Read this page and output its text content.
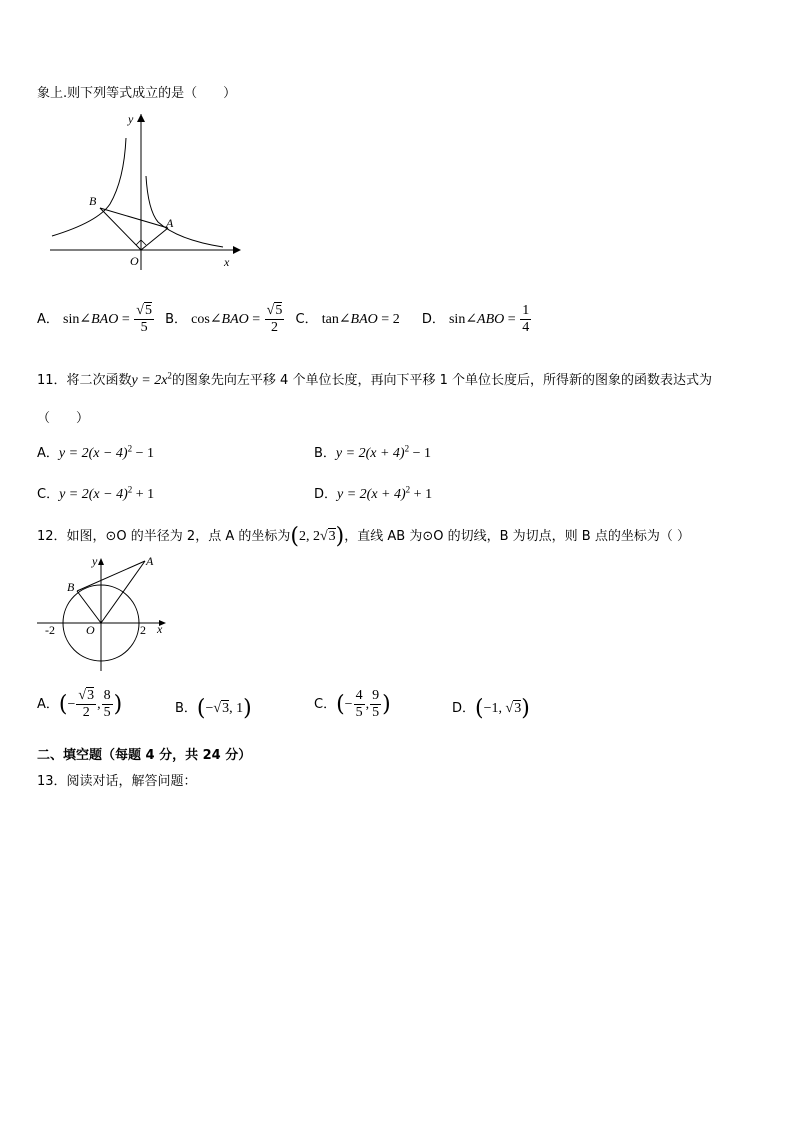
象上.则下列等式成立的是（　　）
y
x
O
A
B
A． sin∠BAO = $\frac{√5}{5}$ B． cos∠BAO = $\frac{√5}{2}$ C． tan∠BAO = 2 D． sin∠ABO = $\frac{1}{4}$
11．将二次函数$y = 2x^2$的图象先向左平移 4 个单位长度，再向下平移 1 个单位长度后，所得新的图象的函数表达式为
（　　）
A．$y = 2(x - 4)^2 - 1$	B．$y = 2(x + 4)^2 - 1$
C．$y = 2(x - 4)^2 + 1$	D．$y = 2(x + 4)^2 + 1$
12．如图，⊙O 的半径为 2，点 A 的坐标为(2, 2√3)，直线 AB 为⊙O 的切线，B 为切点，则 B 点的坐标为（ ）
y
x
O
A
B
-2	2
A．(− $\frac{√3}{2}$ , $\frac{8}{5}$ )	B．(−√3, 1)	C．(− $\frac{4}{5}$ , $\frac{9}{5}$ )	D．(−1, √3)
二、填空题（每题 4 分，共 24 分）
13．阅读对话，解答问题：
